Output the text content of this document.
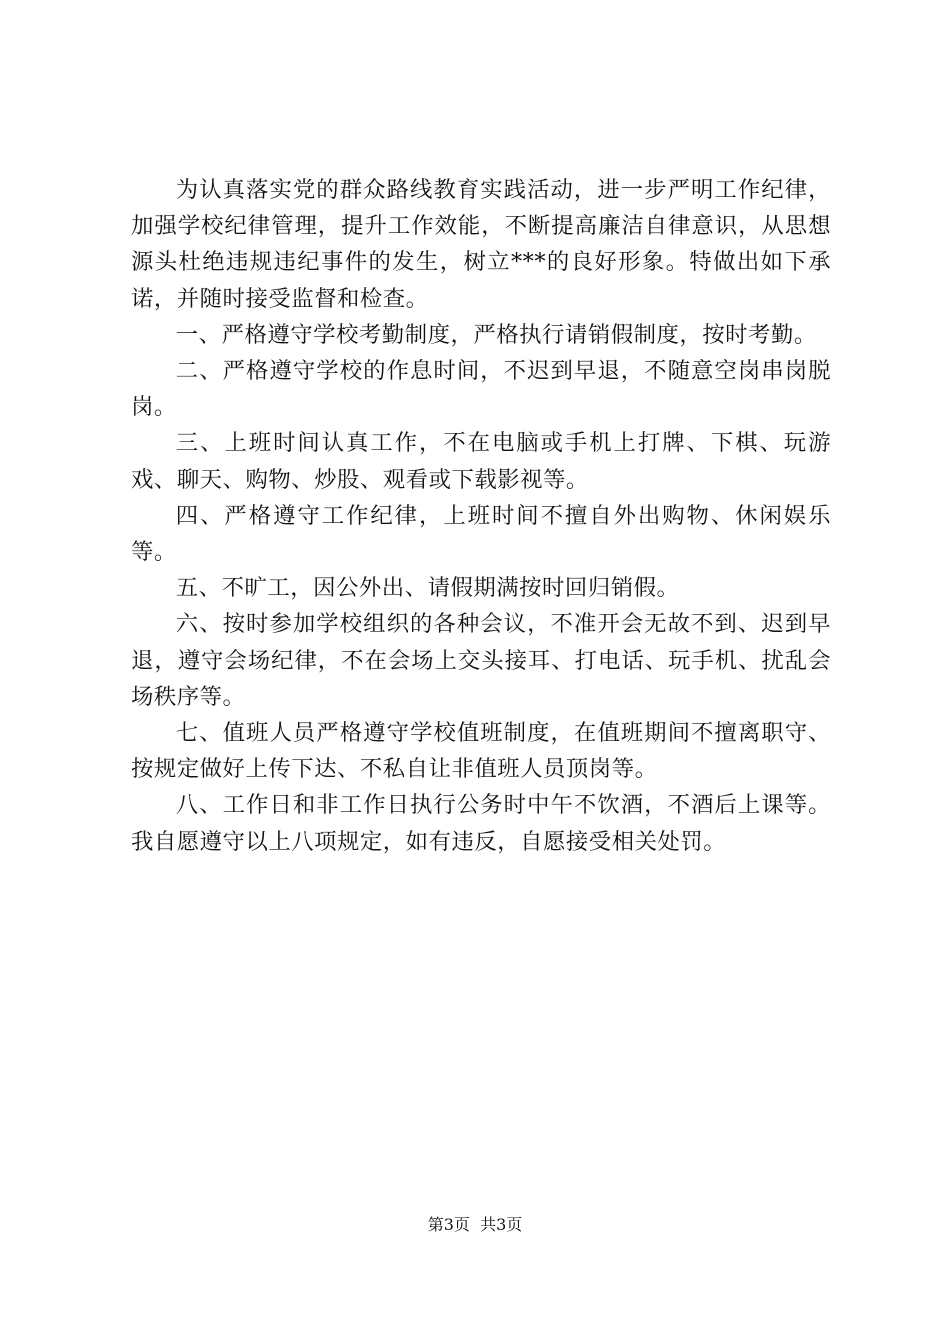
为认真落实党的群众路线教育实践活动，进一步严明工作纪律，加强学校纪律管理，提升工作效能，不断提高廉洁自律意识，从思想源头杜绝违规违纪事件的发生，树立***的良好形象。特做出如下承诺，并随时接受监督和检查。

一、严格遵守学校考勤制度，严格执行请销假制度，按时考勤。

二、严格遵守学校的作息时间，不迟到早退，不随意空岗串岗脱岗。

三、上班时间认真工作，不在电脑或手机上打牌、下棋、玩游戏、聊天、购物、炒股、观看或下载影视等。

四、严格遵守工作纪律，上班时间不擅自外出购物、休闲娱乐等。

五、不旷工，因公外出、请假期满按时回归销假。

六、按时参加学校组织的各种会议，不准开会无故不到、迟到早退，遵守会场纪律，不在会场上交头接耳、打电话、玩手机、扰乱会场秩序等。

七、值班人员严格遵守学校值班制度，在值班期间不擅离职守、按规定做好上传下达、不私自让非值班人员顶岗等。

八、工作日和非工作日执行公务时中午不饮酒，不酒后上课等。我自愿遵守以上八项规定，如有违反，自愿接受相关处罚。

第3页  共3页
